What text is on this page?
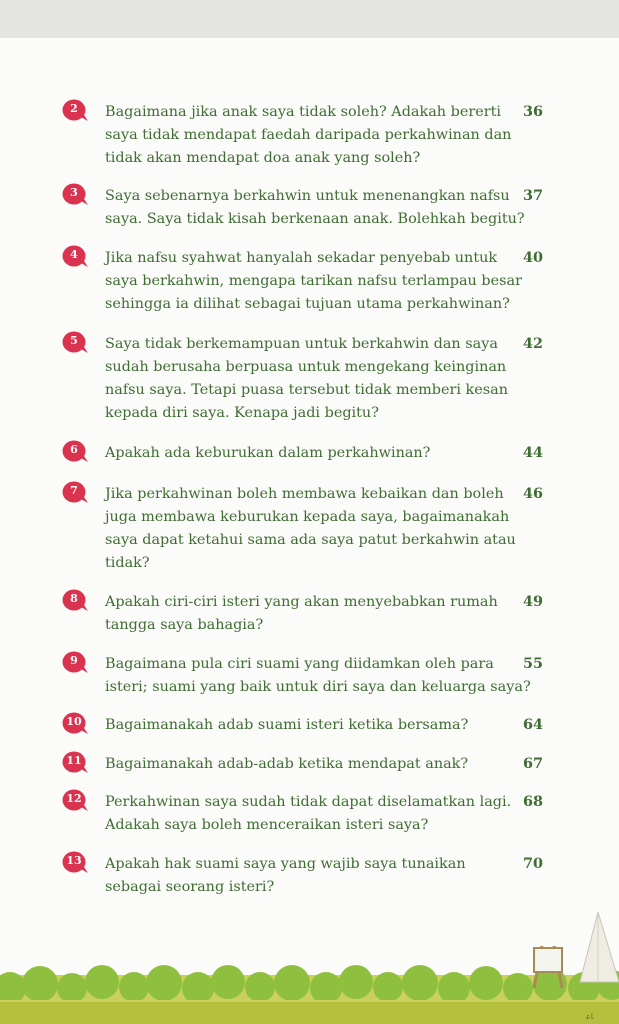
2	Bagaimana jika anak saya tidak soleh? Adakah bererti
saya tidak mendapat faedah daripada perkahwinan dan
tidak akan mendapat doa anak yang soleh?
36
3	Saya sebenarnya berkahwin untuk menenangkan nafsu
saya. Saya tidak kisah berkenaan anak. Bolehkah begitu?
37
4	Jika nafsu syahwat hanyalah sekadar penyebab untuk
saya berkahwin, mengapa tarikan nafsu terlampau besar
sehingga ia dilihat sebagai tujuan utama perkahwinan?
40
5	Saya tidak berkemampuan untuk berkahwin dan saya
sudah berusaha berpuasa untuk mengekang keinginan
nafsu saya. Tetapi puasa tersebut tidak memberi kesan
kepada diri saya. Kenapa jadi begitu?
42
6	Apakah ada keburukan dalam perkahwinan?	44
7	Jika perkahwinan boleh membawa kebaikan dan boleh
juga membawa keburukan kepada saya, bagaimanakah
saya dapat ketahui sama ada saya patut berkahwin atau
tidak?
46
8	Apakah ciri-ciri isteri yang akan menyebabkan rumah
tangga saya bahagia?
49
9	Bagaimana pula ciri suami yang diidamkan oleh para
isteri; suami yang baik untuk diri saya dan keluarga saya?
55
10	Bagaimanakah adab suami isteri ketika bersama?	64
11	Bagaimanakah adab-adab ketika mendapat anak?	67
12	Perkahwinan saya sudah tidak dapat diselamatkan lagi.
Adakah saya boleh menceraikan isteri saya?
68
13	Apakah hak suami saya yang wajib saya tunaikan
sebagai seorang isteri?
70
ﺎﻋ
